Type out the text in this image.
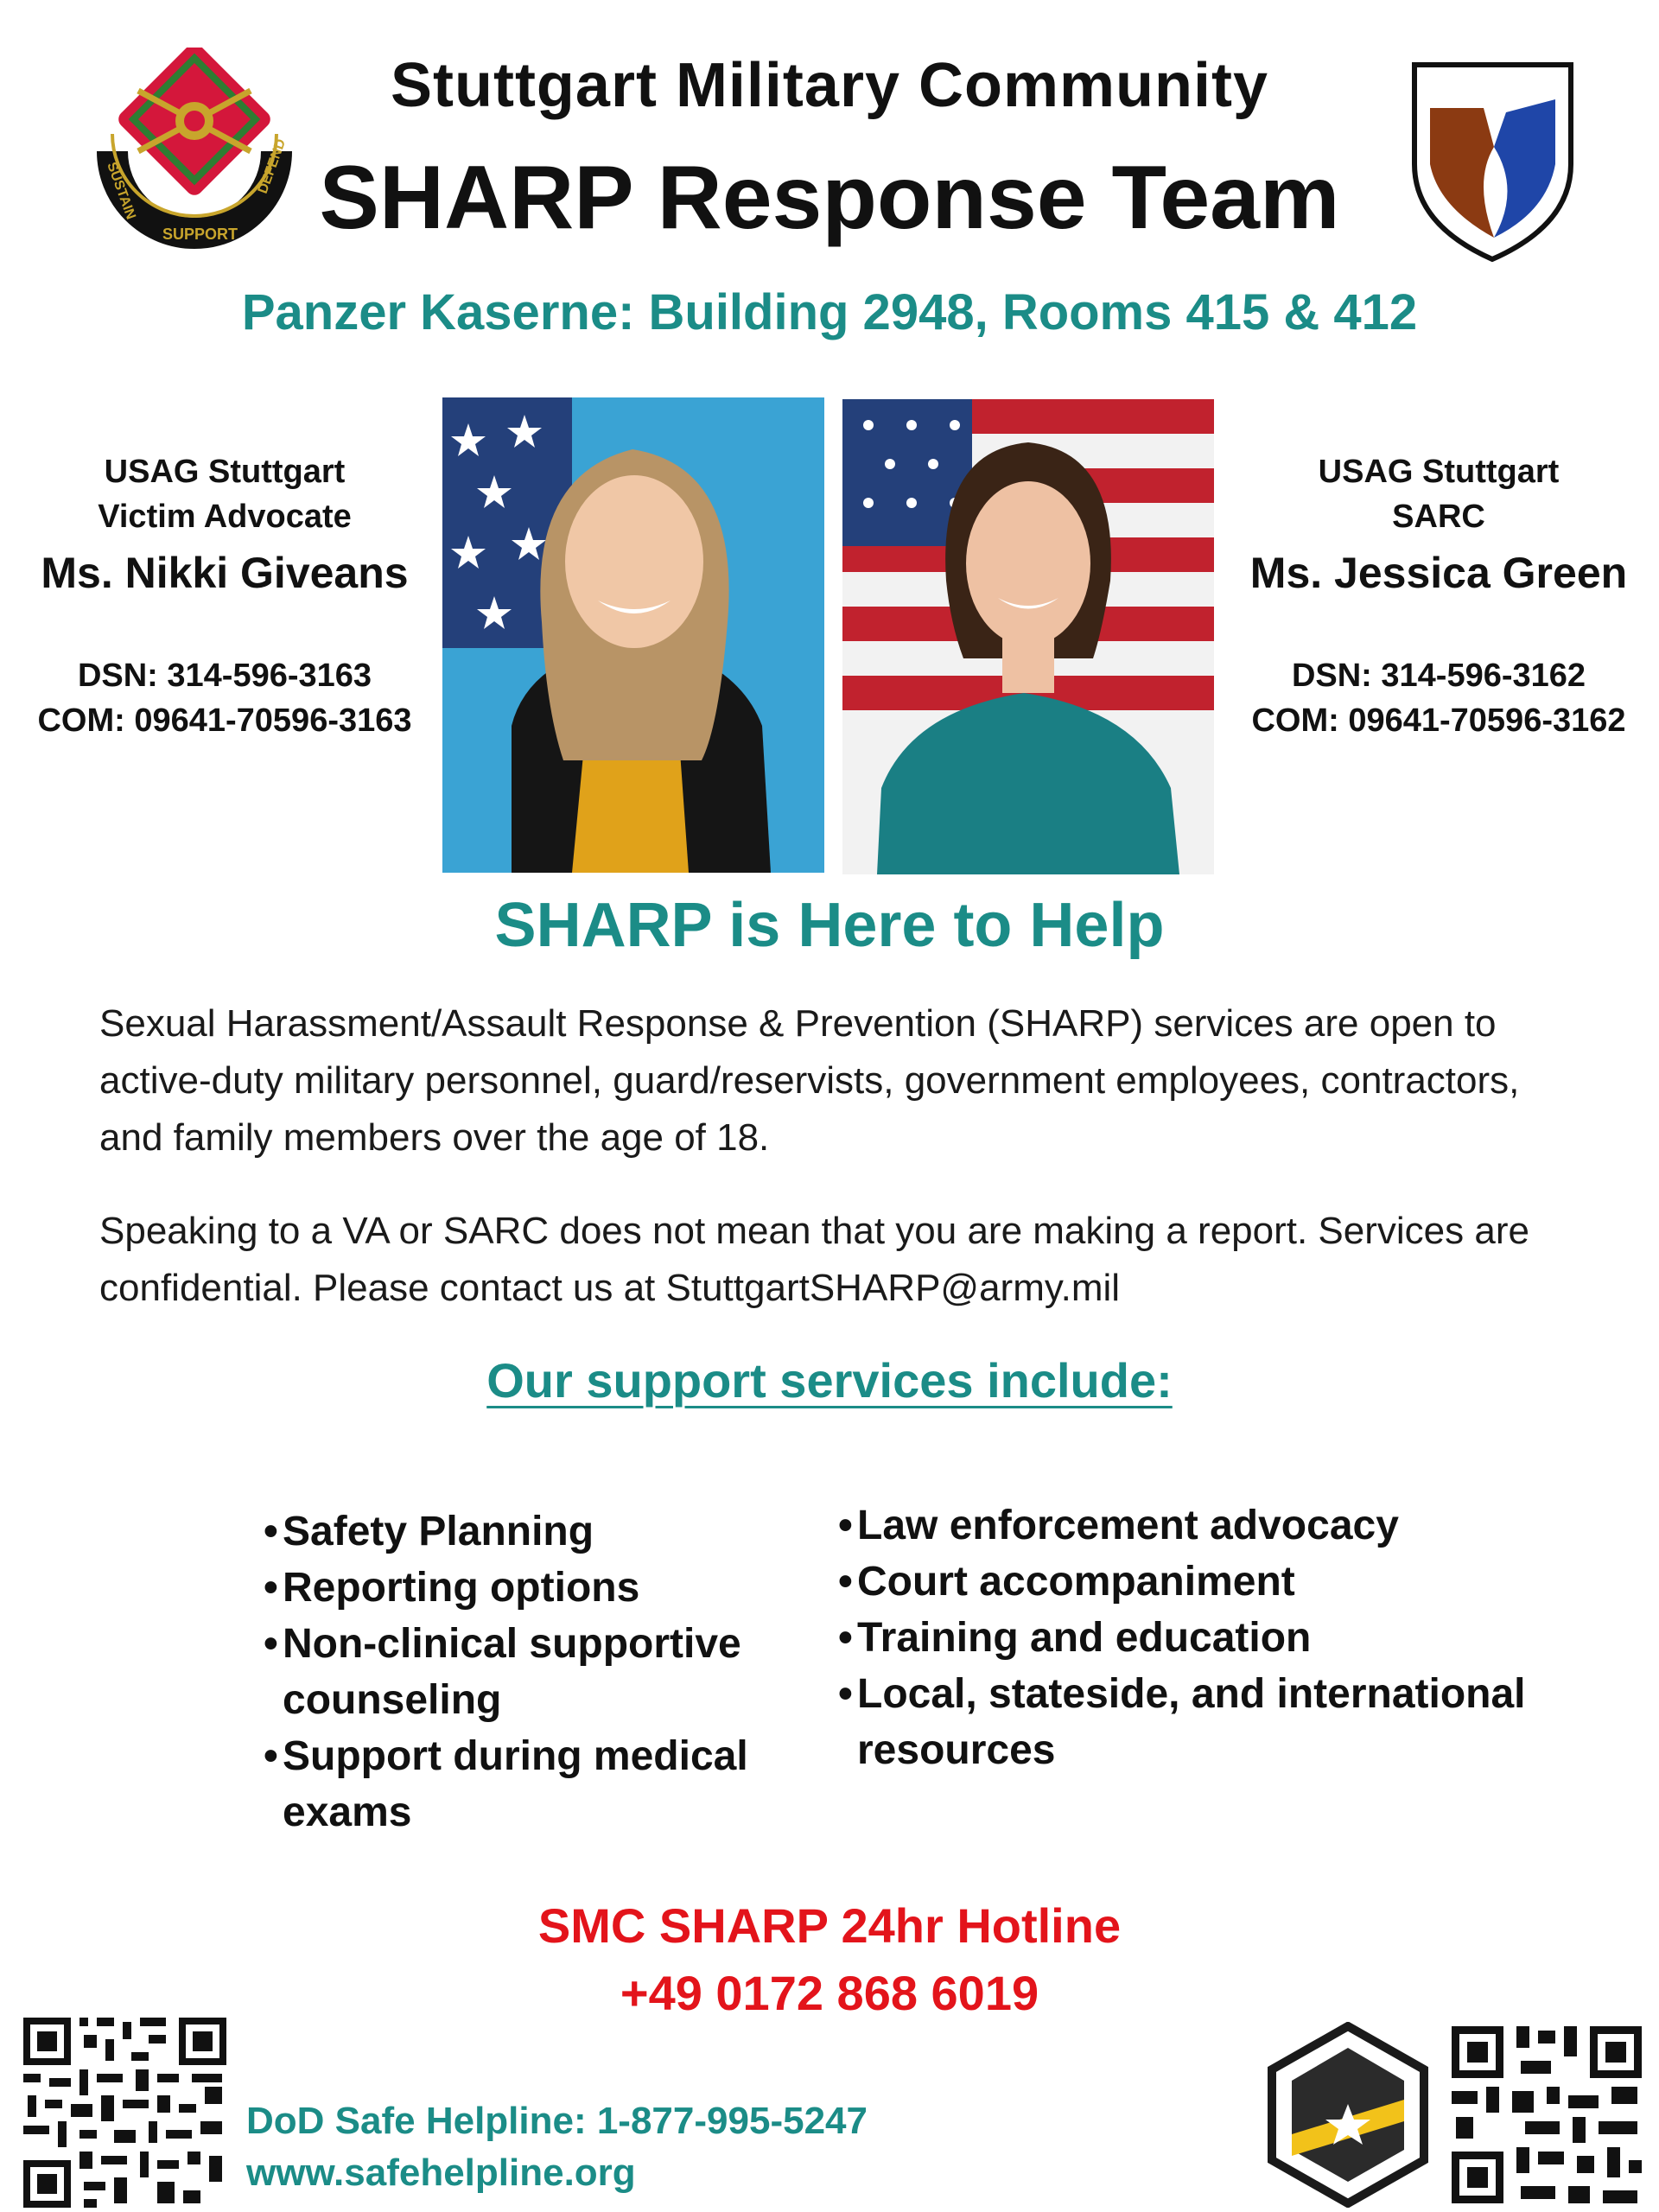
SUSTAIN
SUPPORT
DEFEND
Stuttgart Military Community
SHARP Response Team
Panzer Kaserne: Building 2948, Rooms 415 & 412
USAG Stuttgart
Victim Advocate
Ms. Nikki Giveans
DSN: 314-596-3163
COM: 09641-70596-3163
USAG Stuttgart
SARC
Ms. Jessica Green
DSN: 314-596-3162
COM: 09641-70596-3162
SHARP is Here to Help
Sexual Harassment/Assault Response & Prevention (SHARP) services are open to active-duty military personnel, guard/reservists, government employees, contractors, and family members over the age of 18.
Speaking to a VA or SARC does not mean that you are making a report. Services are confidential. Please contact us at StuttgartSHARP@army.mil
Our support services include:
• Safety Planning
• Reporting options
• Non-clinical supportive counseling
• Support during medical exams
• Law enforcement advocacy
• Court accompaniment
• Training and education
• Local, stateside, and international resources
SMC SHARP 24hr Hotline
+49 0172 868 6019
DoD Safe Helpline: 1-877-995-5247
www.safehelpline.org
